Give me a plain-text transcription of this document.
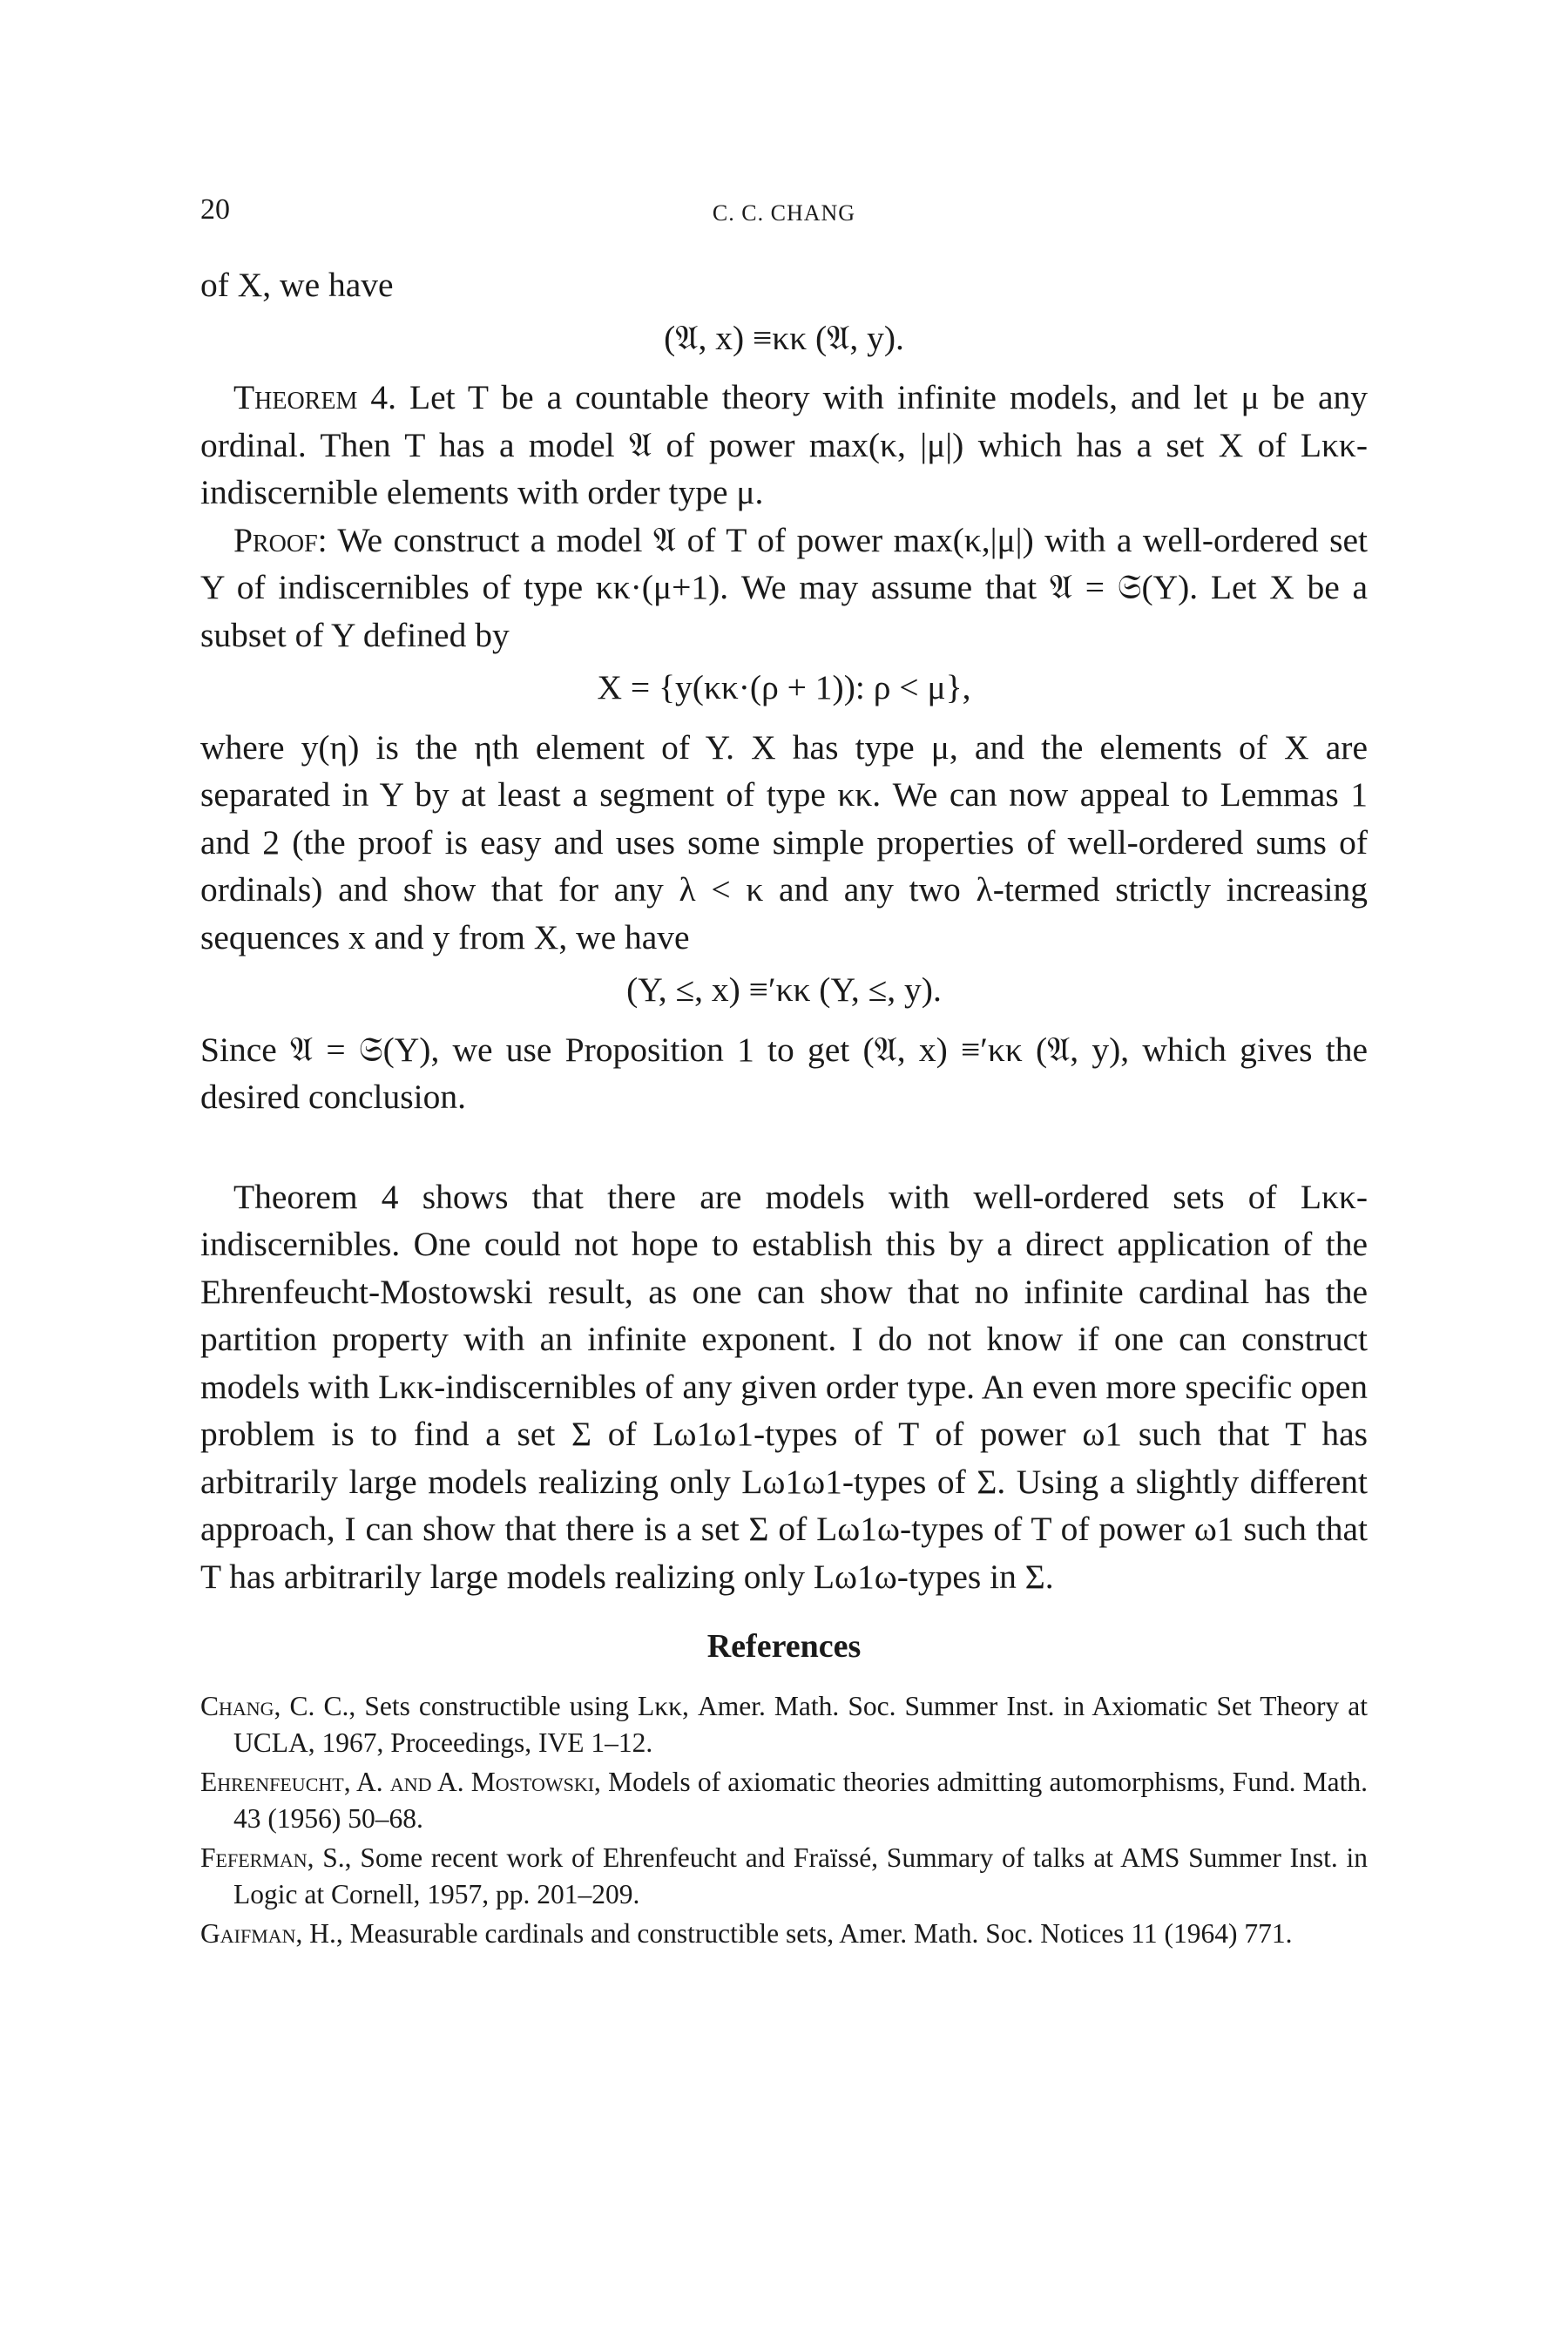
20	C. C. CHANG

of X, we have

(𝔄, x) ≡κκ (𝔄, y).

Theorem 4. Let T be a countable theory with infinite models, and let μ be any ordinal. Then T has a model 𝔄 of power max(κ, |μ|) which has a set X of Lκκ-indiscernible elements with order type μ.

Proof: We construct a model 𝔄 of T of power max(κ,|μ|) with a well-ordered set Y of indiscernibles of type κκ·(μ+1). We may assume that 𝔄 = 𝔖(Y). Let X be a subset of Y defined by

X = {y(κκ·(ρ + 1)): ρ < μ},

where y(η) is the ηth element of Y. X has type μ, and the elements of X are separated in Y by at least a segment of type κκ. We can now appeal to Lemmas 1 and 2 (the proof is easy and uses some simple properties of well-ordered sums of ordinals) and show that for any λ < κ and any two λ-termed strictly increasing sequences x and y from X, we have

(Y, ≤, x) ≡′κκ (Y, ≤, y).

Since 𝔄 = 𝔖(Y), we use Proposition 1 to get (𝔄, x) ≡′κκ (𝔄, y), which gives the desired conclusion.

Theorem 4 shows that there are models with well-ordered sets of Lκκ-indiscernibles. One could not hope to establish this by a direct application of the Ehrenfeucht-Mostowski result, as one can show that no infinite cardinal has the partition property with an infinite exponent. I do not know if one can construct models with Lκκ-indiscernibles of any given order type. An even more specific open problem is to find a set Σ of Lω1ω1-types of T of power ω1 such that T has arbitrarily large models realizing only Lω1ω1-types of Σ. Using a slightly different approach, I can show that there is a set Σ of Lω1ω-types of T of power ω1 such that T has arbitrarily large models realizing only Lω1ω-types in Σ.

References
Chang, C. C., Sets constructible using Lκκ, Amer. Math. Soc. Summer Inst. in Axiomatic Set Theory at UCLA, 1967, Proceedings, IVE 1–12.
Ehrenfeucht, A. and A. Mostowski, Models of axiomatic theories admitting automorphisms, Fund. Math. 43 (1956) 50–68.
Feferman, S., Some recent work of Ehrenfeucht and Fraïssé, Summary of talks at AMS Summer Inst. in Logic at Cornell, 1957, pp. 201–209.
Gaifman, H., Measurable cardinals and constructible sets, Amer. Math. Soc. Notices 11 (1964) 771.
